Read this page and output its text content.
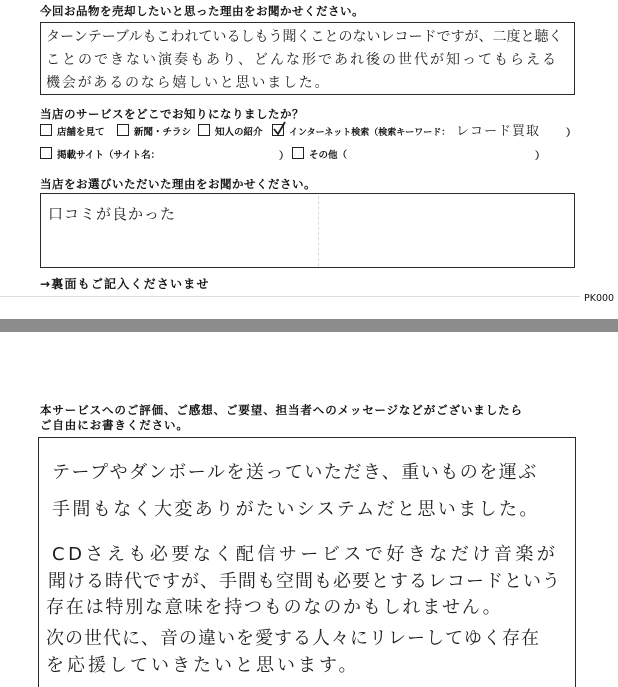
今回お品物を売却したいと思った理由をお聞かせください。
ターンテーブルもこわれているしもう聞くことのないレコードですが、二度と聴く
ことのできない演奏もあり、どんな形であれ後の世代が知ってもらえる
機会があるのなら嬉しいと思いました。
当店のサービスをどこでお知りになりましたか？
店舗を見て	新聞・チラシ	知人の紹介	インターネット検索（検索キーワード： レコード買取	）
掲載サイト（サイト名：	） その他（	）
当店をお選びいただいた理由をお聞かせください。
口コミが良かった
→裏面もご記入くださいませ
PK000
本サービスへのご評価、ご感想、ご要望、担当者へのメッセージなどがございましたら
ご自由にお書きください。
テープやダンボールを送っていただき、重いものを運ぶ
手間もなく大変ありがたいシステムだと思いました。
CDさえも必要なく配信サービスで好きなだけ音楽が
聞ける時代ですが、手間も空間も必要とするレコードという
存在は特別な意味を持つものなのかもしれません。
次の世代に、音の違いを愛する人々にリレーしてゆく存在
を応援していきたいと思います。
